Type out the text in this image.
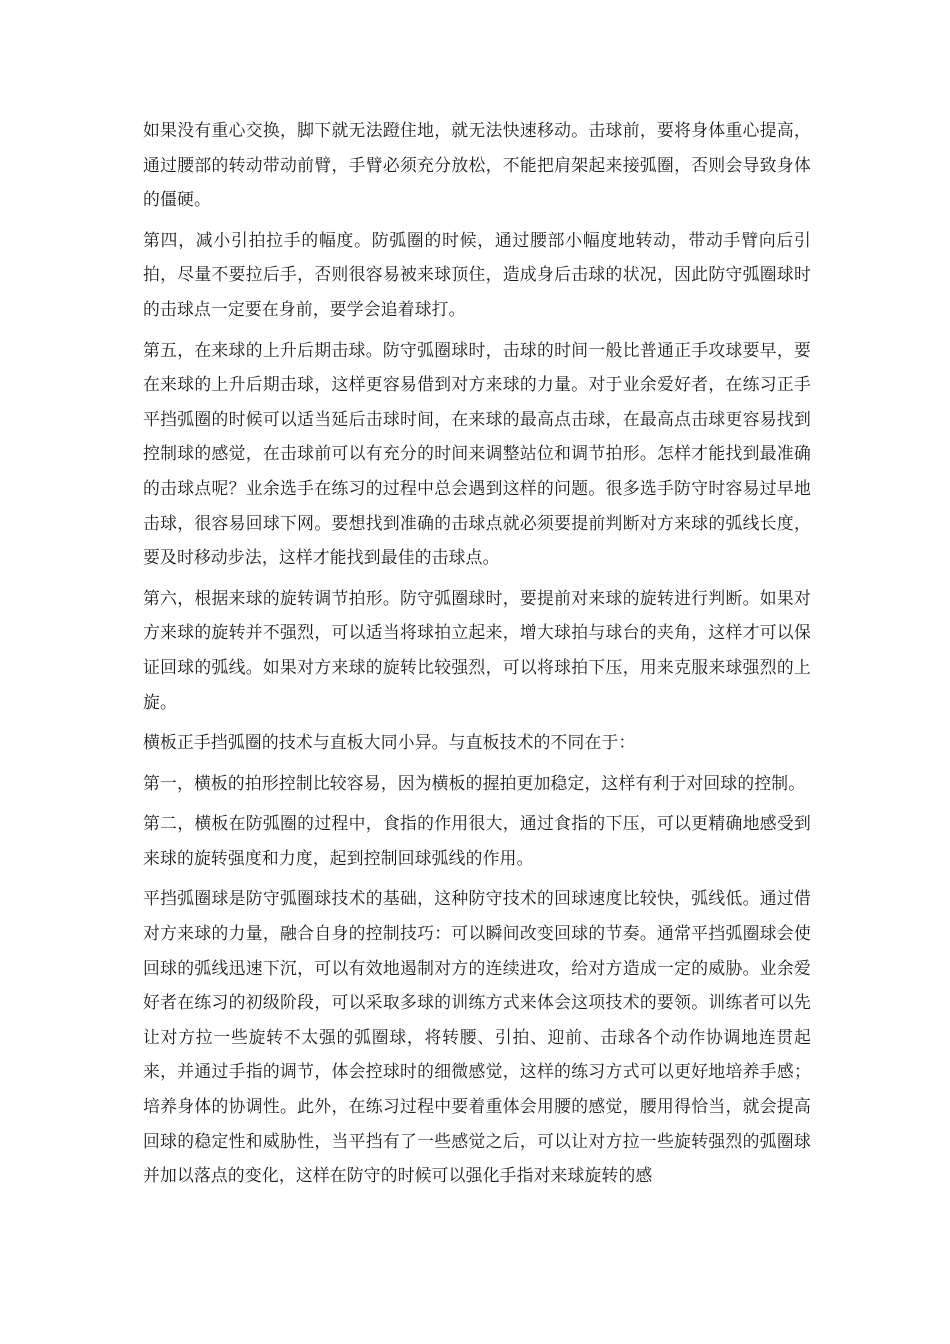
如果没有重心交换，脚下就无法蹬住地，就无法快速移动。击球前，要将身体重心提高，通过腰部的转动带动前臂，手臂必须充分放松，不能把肩架起来接弧圈，否则会导致身体的僵硬。

第四，减小引拍拉手的幅度。防弧圈的时候，通过腰部小幅度地转动，带动手臂向后引拍，尽量不要拉后手，否则很容易被来球顶住，造成身后击球的状况，因此防守弧圈球时的击球点一定要在身前，要学会追着球打。

第五，在来球的上升后期击球。防守弧圈球时，击球的时间一般比普通正手攻球要早，要在来球的上升后期击球，这样更容易借到对方来球的力量。对于业余爱好者，在练习正手平挡弧圈的时候可以适当延后击球时间，在来球的最高点击球，在最高点击球更容易找到控制球的感觉，在击球前可以有充分的时间来调整站位和调节拍形。怎样才能找到最准确的击球点呢？业余选手在练习的过程中总会遇到这样的问题。很多选手防守时容易过早地击球，很容易回球下网。要想找到准确的击球点就必须要提前判断对方来球的弧线长度，要及时移动步法，这样才能找到最佳的击球点。

第六，根据来球的旋转调节拍形。防守弧圈球时，要提前对来球的旋转进行判断。如果对方来球的旋转并不强烈，可以适当将球拍立起来，增大球拍与球台的夹角，这样才可以保证回球的弧线。如果对方来球的旋转比较强烈，可以将球拍下压，用来克服来球强烈的上旋。

横板正手挡弧圈的技术与直板大同小异。与直板技术的不同在于：

第一，横板的拍形控制比较容易，因为横板的握拍更加稳定，这样有利于对回球的控制。

第二，横板在防弧圈的过程中，食指的作用很大，通过食指的下压，可以更精确地感受到来球的旋转强度和力度，起到控制回球弧线的作用。

平挡弧圈球是防守弧圈球技术的基础，这种防守技术的回球速度比较快，弧线低。通过借对方来球的力量，融合自身的控制技巧：可以瞬间改变回球的节奏。通常平挡弧圈球会使回球的弧线迅速下沉，可以有效地遏制对方的连续进攻，给对方造成一定的威胁。业余爱好者在练习的初级阶段，可以采取多球的训练方式来体会这项技术的要领。训练者可以先让对方拉一些旋转不太强的弧圈球，将转腰、引拍、迎前、击球各个动作协调地连贯起来，并通过手指的调节，体会控球时的细微感觉，这样的练习方式可以更好地培养手感；培养身体的协调性。此外，在练习过程中要着重体会用腰的感觉，腰用得恰当，就会提高回球的稳定性和威胁性，当平挡有了一些感觉之后，可以让对方拉一些旋转强烈的弧圈球并加以落点的变化，这样在防守的时候可以强化手指对来球旋转的感
